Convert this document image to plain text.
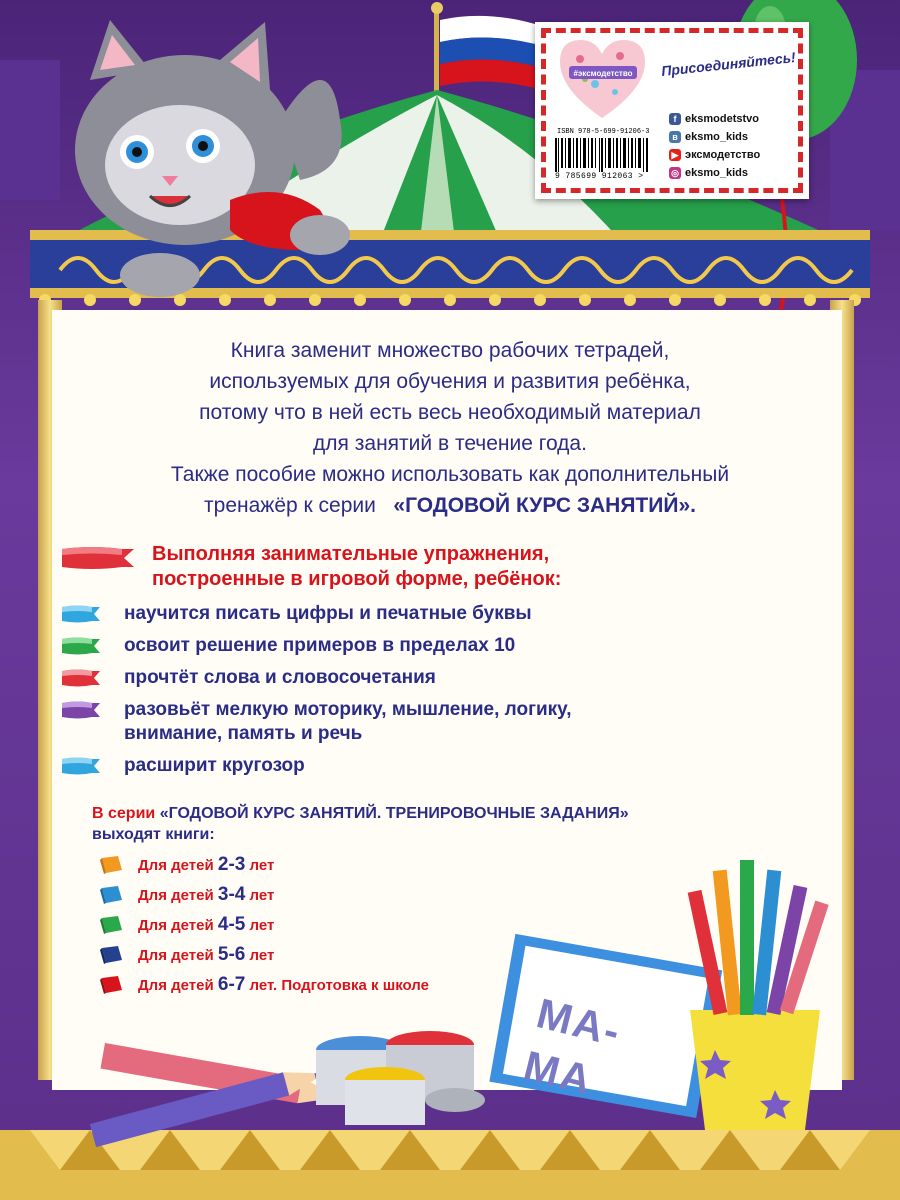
#эксмодетство
ISBN 978-5-699-91206-3
9 785699 912063 >
Присоединяйтесь!
f eksmodetstvo
в eksmo_kids
▶ эксмодетство
◎ eksmo_kids

Книга заменит множество рабочих тетрадей,

используемых для обучения и развития ребёнка,

потому что в ней есть весь необходимый материал

для занятий в течение года.

Также пособие можно использовать как дополнительный

тренажёр к серии «ГОДОВОЙ КУРС ЗАНЯТИЙ».

Выполняя занимательные упражнения,

построенные в игровой форме, ребёнок:

научится писать цифры и печатные буквы
освоит решение примеров в пределах 10
прочтёт слова и словосочетания
разовьёт мелкую моторику, мышление, логику,
внимание, память и речь
расширит кругозор

В серии «ГОДОВОЙ КУРС ЗАНЯТИЙ. ТРЕНИРОВОЧНЫЕ ЗАДАНИЯ»

выходят книги:

Для детей 2-3 лет
Для детей 3-4 лет
Для детей 4-5 лет
Для детей 5-6 лет
Для детей 6-7 лет. Подготовка к школе
МА-
МА
